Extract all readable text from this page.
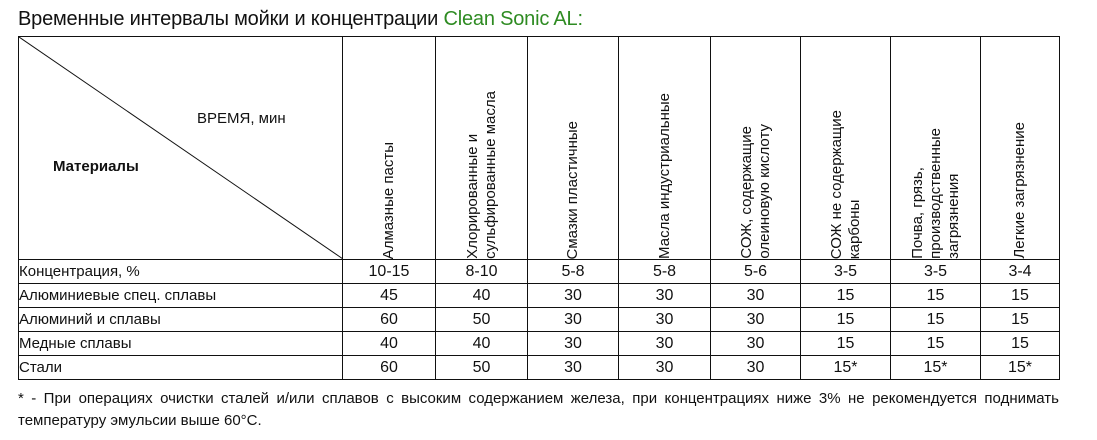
Временные интервалы мойки и концентрации Clean Sonic AL:
ВРЕМЯ, мин
Материалы	Алмазные пасты	Хлорированные и
сульфированные масла	Смазки пластичные	Масла индустриальные	СОЖ, содержащие
олеиновую кислоту	СОЖ не содержащие
карбоны	Почва, грязь,
производственные
загрязнения	Легкие загрязнение

Концентрация, %	10-15	8-10	5-8	5-8	5-6	3-5	3-5	3-4
Алюминиевые спец. сплавы	45	40	30	30	30	15	15	15
Алюминий и сплавы	60	50	30	30	30	15	15	15
Медные сплавы	40	40	30	30	30	15	15	15
Стали	60	50	30	30	30	15*	15*	15*
* - При операциях очистки сталей и/или сплавов с высоким содержанием железа, при концентрациях ниже 3% не рекомендуется поднимать температуру эмульсии выше 60°С.
